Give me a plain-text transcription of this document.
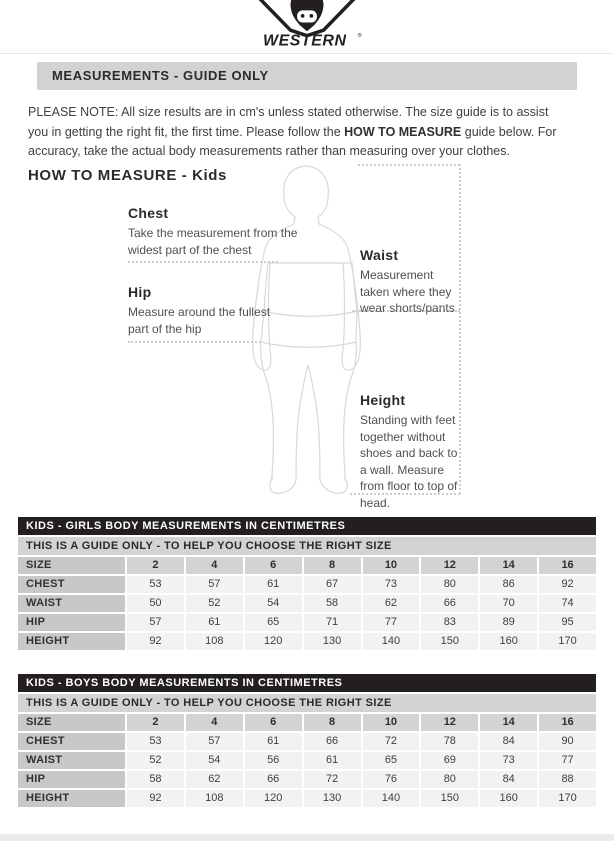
WESTERN ®
MEASUREMENTS - GUIDE ONLY

PLEASE NOTE: All size results are in cm's unless stated otherwise. The size guide is to assist you in getting the right fit, the first time. Please follow the HOW TO MEASURE guide below. For accuracy, take the actual body measurements rather than measuring over your clothes.

HOW TO MEASURE - Kids
Chest
Take the measurement from the widest part of the chest
Hip
Measure around the fullest part of the hip
Waist
Measurement taken where they wear shorts/pants
Height
Standing with feet together without shoes and back to a wall. Measure from floor to top of head.
KIDS - GIRLS BODY MEASUREMENTS IN CENTIMETRES
THIS IS A GUIDE ONLY - TO HELP YOU CHOOSE THE RIGHT SIZE
SIZE	2	4	6	8	10	12	14	16
CHEST	53	57	61	67	73	80	86	92
WAIST	50	52	54	58	62	66	70	74
HIP	57	61	65	71	77	83	89	95
HEIGHT	92	108	120	130	140	150	160	170
KIDS - BOYS BODY MEASUREMENTS IN CENTIMETRES
THIS IS A GUIDE ONLY - TO HELP YOU CHOOSE THE RIGHT SIZE
SIZE	2	4	6	8	10	12	14	16
CHEST	53	57	61	66	72	78	84	90
WAIST	52	54	56	61	65	69	73	77
HIP	58	62	66	72	76	80	84	88
HEIGHT	92	108	120	130	140	150	160	170
